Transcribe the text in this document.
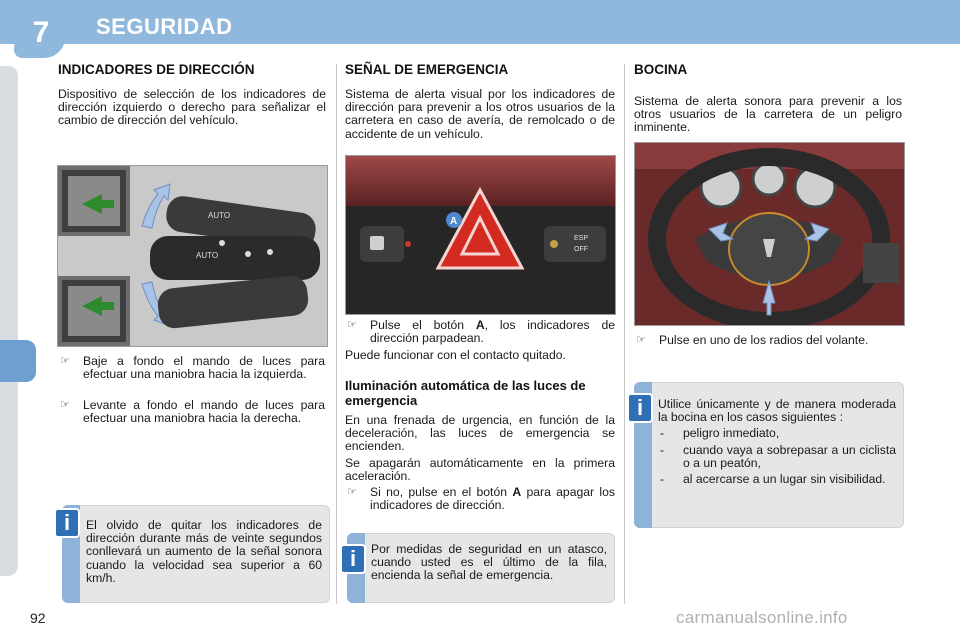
7	SEGURIDAD
INDICADORES DE DIRECCIÓN
Dispositivo de selección de los indicadores de dirección izquierdo o derecho para señalizar el cambio de dirección del vehículo.
AUTO
AUTO
☞ Baje a fondo el mando de luces para efectuar una maniobra hacia la izquierda.
☞ Levante a fondo el mando de luces para efectuar una maniobra hacia la derecha.
El olvido de quitar los indicadores de dirección durante más de veinte segundos conllevará un aumento de la señal sonora cuando la velocidad sea superior a 60 km/h.
i
SEÑAL DE EMERGENCIA
Sistema de alerta visual por los indicadores de dirección para prevenir a los otros usuarios de la carretera en caso de avería, de remolcado o de accidente de un vehículo.
A
ESP
OFF
☞ Pulse el botón A, los indicadores de dirección parpadean.
Puede funcionar con el contacto quitado.
Iluminación automática de las luces de emergencia
En una frenada de urgencia, en función de la deceleración, las luces de emergencia se encienden.
Se apagarán automáticamente en la primera aceleración.
☞ Si no, pulse en el botón A para apagar los indicadores de dirección.
Por medidas de seguridad en un atasco, cuando usted es el último de la fila, encienda la señal de emergencia.
i
BOCINA
Sistema de alerta sonora para prevenir a los otros usuarios de la carretera de un peligro inminente.
☞ Pulse en uno de los radios del volante.
Utilice únicamente y de manera moderada la bocina en los casos siguientes :
- peligro inmediato,
- cuando vaya a sobrepasar a un ciclista o a un peatón,
- al acercarse a un lugar sin visibilidad.
i
92	carmanualsonline.info
